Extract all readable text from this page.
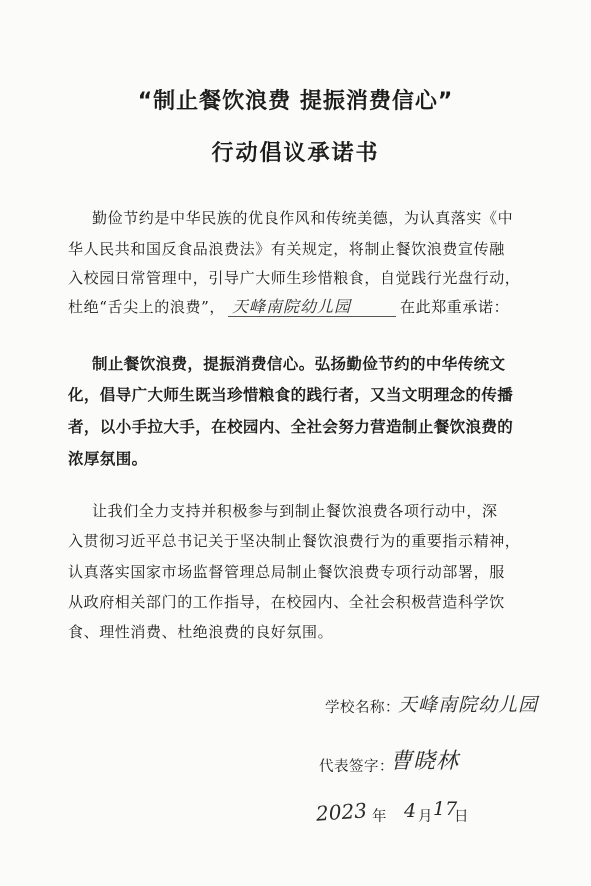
“制止餐饮浪费 提振消费信心”
行动倡议承诺书
勤俭节约是中华民族的优良作风和传统美德，为认真落实《中
华人民共和国反食品浪费法》有关规定，将制止餐饮浪费宣传融
入校园日常管理中，引导广大师生珍惜粮食，自觉践行光盘行动，
杜绝“舌尖上的浪费”， 天峰南院幼儿园	在此郑重承诺：
制止餐饮浪费，提振消费信心。弘扬勤俭节约的中华传统文
化，倡导广大师生既当珍惜粮食的践行者，又当文明理念的传播
者，以小手拉大手，在校园内、全社会努力营造制止餐饮浪费的
浓厚氛围。
让我们全力支持并积极参与到制止餐饮浪费各项行动中，深
入贯彻习近平总书记关于坚决制止餐饮浪费行为的重要指示精神，
认真落实国家市场监督管理总局制止餐饮浪费专项行动部署，服
从政府相关部门的工作指导，在校园内、全社会积极营造科学饮
食、理性消费、杜绝浪费的良好氛围。
学校名称：
天峰南院幼儿园
代表签字：
曹晓林
2023 年 4 月 17
日
